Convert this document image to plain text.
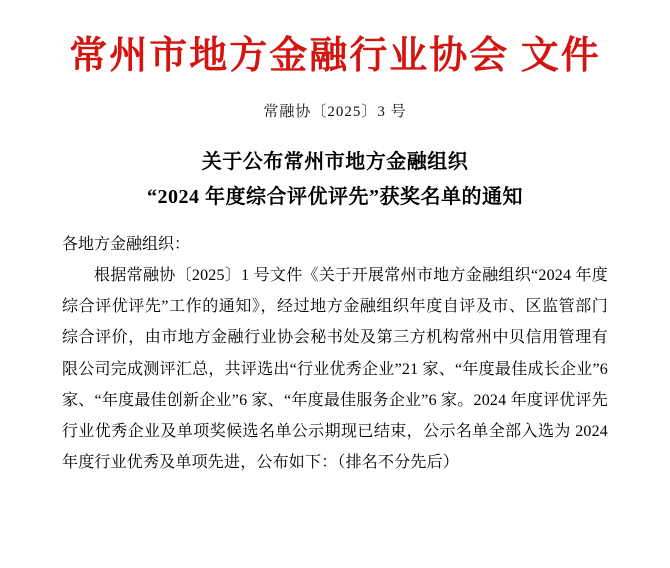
常州市地方金融行业协会 文件
常融协〔2025〕3 号
关于公布常州市地方金融组织
“2024 年度综合评优评先”获奖名单的通知
各地方金融组织：
根据常融协〔2025〕1 号文件《关于开展常州市地方金融组织“2024 年度综合评优评先”工作的通知》，经过地方金融组织年度自评及市、区监管部门综合评价，由市地方金融行业协会秘书处及第三方机构常州中贝信用管理有限公司完成测评汇总，共评选出“行业优秀企业”21 家、“年度最佳成长企业”6 家、“年度最佳创新企业”6 家、“年度最佳服务企业”6 家。2024 年度评优评先行业优秀企业及单项奖候选名单公示期现已结束，公示名单全部入选为 2024 年度行业优秀及单项先进，公布如下：（排名不分先后）
